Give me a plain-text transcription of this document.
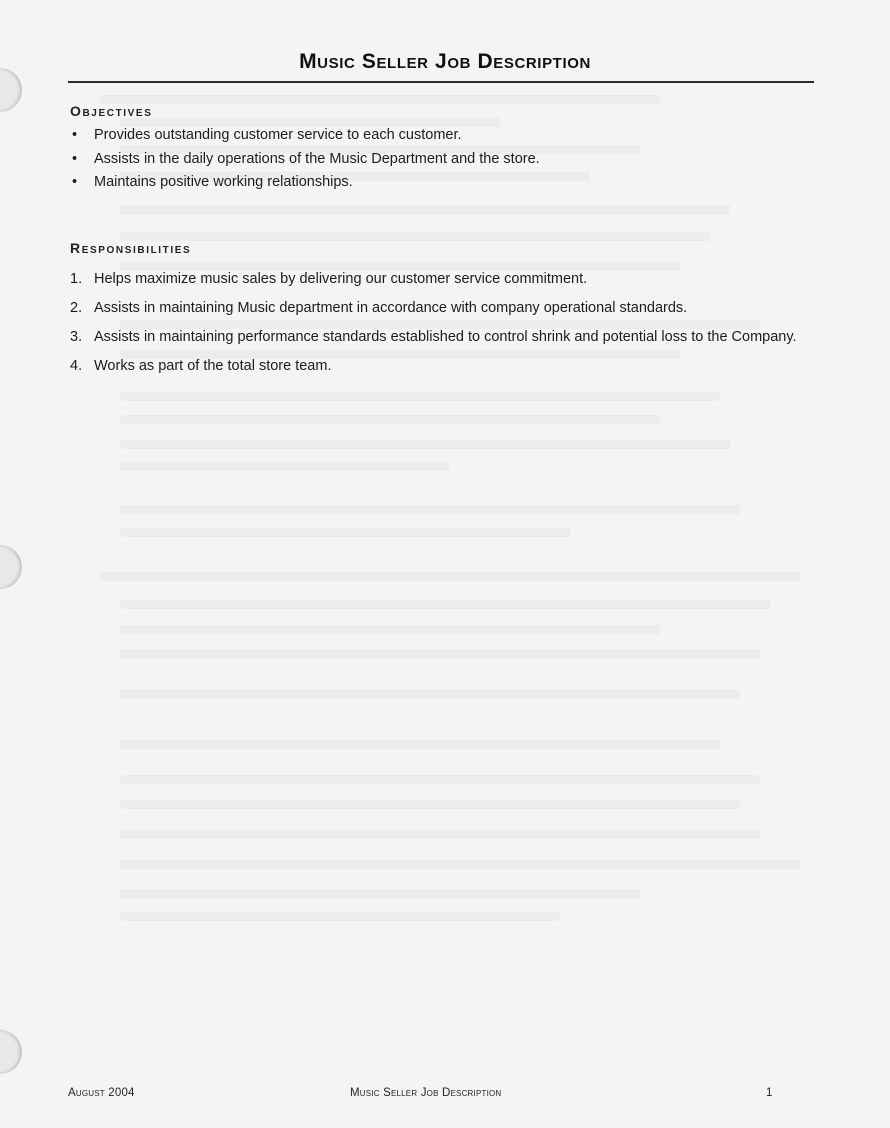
Music Seller Job Description
Objectives
• Provides outstanding customer service to each customer.
• Assists in the daily operations of the Music Department and the store.
• Maintains positive working relationships.
Responsibilities
1. Helps maximize music sales by delivering our customer service commitment.
2. Assists in maintaining Music department in accordance with company operational standards.
3. Assists in maintaining performance standards established to control shrink and potential loss to the Company.
4. Works as part of the total store team.
August 2004	Music Seller Job Description	1
